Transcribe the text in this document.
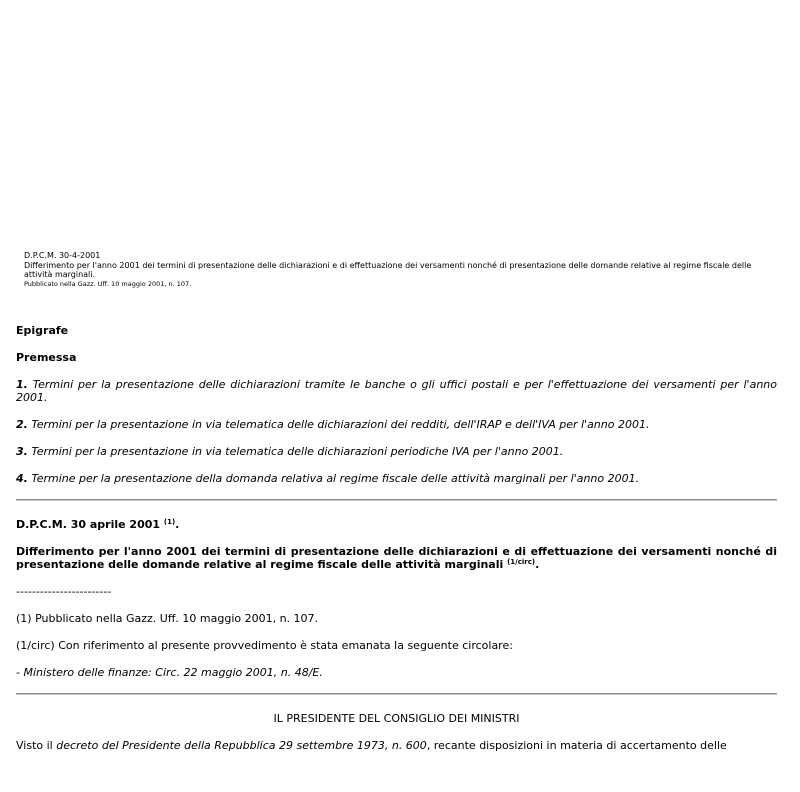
D.P.C.M. 30-4-2001
Differimento per l'anno 2001 dei termini di presentazione delle dichiarazioni e di effettuazione dei versamenti nonché di presentazione delle domande relative al regime fiscale delle attività marginali.
Pubblicato nella Gazz. Uff. 10 maggio 2001, n. 107.
Epigrafe
Premessa
1. Termini per la presentazione delle dichiarazioni tramite le banche o gli uffici postali e per l'effettuazione dei versamenti per l'anno 2001.
2. Termini per la presentazione in via telematica delle dichiarazioni dei redditi, dell'IRAP e dell'IVA per l'anno 2001.
3. Termini per la presentazione in via telematica delle dichiarazioni periodiche IVA per l'anno 2001.
4. Termine per la presentazione della domanda relativa al regime fiscale delle attività marginali per l'anno 2001.
D.P.C.M. 30 aprile 2001 $^{(1)}$.
Differimento per l'anno 2001 dei termini di presentazione delle dichiarazioni e di effettuazione dei versamenti nonché di presentazione delle domande relative al regime fiscale delle attività marginali $^{(1/circ)}$.
------------------------
(1) Pubblicato nella Gazz. Uff. 10 maggio 2001, n. 107.
(1/circ) Con riferimento al presente provvedimento è stata emanata la seguente circolare:
- Ministero delle finanze: Circ. 22 maggio 2001, n. 48/E.
IL PRESIDENTE DEL CONSIGLIO DEI MINISTRI
Visto il decreto del Presidente della Repubblica 29 settembre 1973, n. 600, recante disposizioni in materia di accertamento delle
